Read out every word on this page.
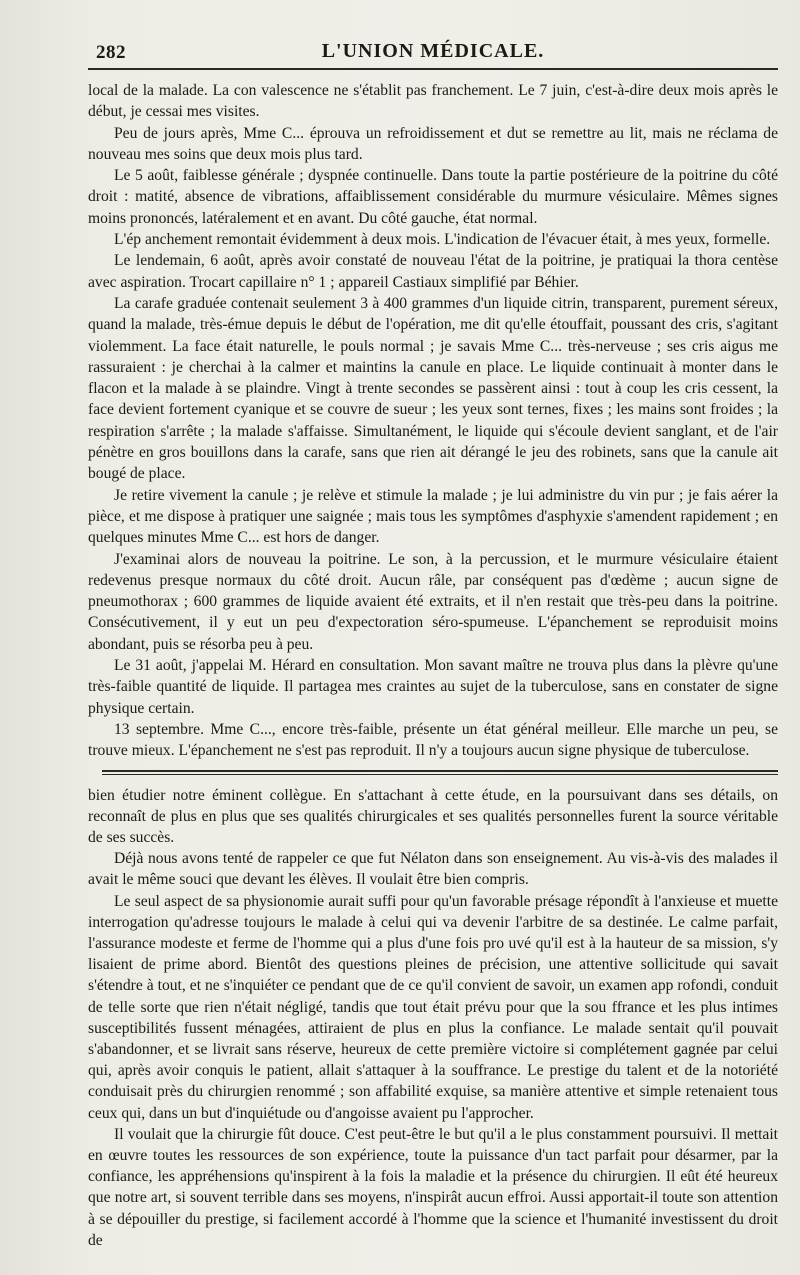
282	L'UNION MÉDICALE.

local de la malade. La con valescence ne s'établit pas franchement. Le 7 juin, c'est-à-dire deux mois après le début, je cessai mes visites.

Peu de jours après, Mme C... éprouva un refroidissement et dut se remettre au lit, mais ne réclama de nouveau mes soins que deux mois plus tard.

Le 5 août, faiblesse générale ; dyspnée continuelle. Dans toute la partie postérieure de la poitrine du côté droit : matité, absence de vibrations, affaiblissement considérable du murmure vésiculaire. Mêmes signes moins prononcés, latéralement et en avant. Du côté gauche, état normal.

L'ép anchement remontait évidemment à deux mois. L'indication de l'évacuer était, à mes yeux, formelle.

Le lendemain, 6 août, après avoir constaté de nouveau l'état de la poitrine, je pratiquai la thora centèse avec aspiration. Trocart capillaire n° 1 ; appareil Castiaux simplifié par Béhier.

La carafe graduée contenait seulement 3 à 400 grammes d'un liquide citrin, transparent, purement séreux, quand la malade, très-émue depuis le début de l'opération, me dit qu'elle étouffait, poussant des cris, s'agitant violemment. La face était naturelle, le pouls normal ; je savais Mme C... très-nerveuse ; ses cris aigus me rassuraient : je cherchai à la calmer et maintins la canule en place. Le liquide continuait à monter dans le flacon et la malade à se plaindre. Vingt à trente secondes se passèrent ainsi : tout à coup les cris cessent, la face devient fortement cyanique et se couvre de sueur ; les yeux sont ternes, fixes ; les mains sont froides ; la respiration s'arrête ; la malade s'affaisse. Simultanément, le liquide qui s'écoule devient sanglant, et de l'air pénètre en gros bouillons dans la carafe, sans que rien ait dérangé le jeu des robinets, sans que la canule ait bougé de place.

Je retire vivement la canule ; je relève et stimule la malade ; je lui administre du vin pur ; je fais aérer la pièce, et me dispose à pratiquer une saignée ; mais tous les symptômes d'asphyxie s'amendent rapidement ; en quelques minutes Mme C... est hors de danger.

J'examinai alors de nouveau la poitrine. Le son, à la percussion, et le murmure vésiculaire étaient redevenus presque normaux du côté droit. Aucun râle, par conséquent pas d'œdème ; aucun signe de pneumothorax ; 600 grammes de liquide avaient été extraits, et il n'en restait que très-peu dans la poitrine. Consécutivement, il y eut un peu d'expectoration séro-spumeuse. L'épanchement se reproduisit moins abondant, puis se résorba peu à peu.

Le 31 août, j'appelai M. Hérard en consultation. Mon savant maître ne trouva plus dans la plèvre qu'une très-faible quantité de liquide. Il partagea mes craintes au sujet de la tuberculose, sans en constater de signe physique certain.

13 septembre. Mme C..., encore très-faible, présente un état général meilleur. Elle marche un peu, se trouve mieux. L'épanchement ne s'est pas reproduit. Il n'y a toujours aucun signe physique de tuberculose.

bien étudier notre éminent collègue. En s'attachant à cette étude, en la poursuivant dans ses détails, on reconnaît de plus en plus que ses qualités chirurgicales et ses qualités personnelles furent la source véritable de ses succès.

Déjà nous avons tenté de rappeler ce que fut Nélaton dans son enseignement. Au vis-à-vis des malades il avait le même souci que devant les élèves. Il voulait être bien compris.

Le seul aspect de sa physionomie aurait suffi pour qu'un favorable présage répondît à l'anxieuse et muette interrogation qu'adresse toujours le malade à celui qui va devenir l'arbitre de sa destinée. Le calme parfait, l'assurance modeste et ferme de l'homme qui a plus d'une fois pro uvé qu'il est à la hauteur de sa mission, s'y lisaient de prime abord. Bientôt des questions pleines de précision, une attentive sollicitude qui savait s'étendre à tout, et ne s'inquiéter ce pendant que de ce qu'il convient de savoir, un examen app rofondi, conduit de telle sorte que rien n'était négligé, tandis que tout était prévu pour que la sou ffrance et les plus intimes susceptibilités fussent ménagées, attiraient de plus en plus la confiance. Le malade sentait qu'il pouvait s'abandonner, et se livrait sans réserve, heureux de cette première victoire si complétement gagnée par celui qui, après avoir conquis le patient, allait s'attaquer à la souffrance. Le prestige du talent et de la notoriété conduisait près du chirurgien renommé ; son affabilité exquise, sa manière attentive et simple retenaient tous ceux qui, dans un but d'inquiétude ou d'angoisse avaient pu l'approcher.

Il voulait que la chirurgie fût douce. C'est peut-être le but qu'il a le plus constamment poursuivi. Il mettait en œuvre toutes les ressources de son expérience, toute la puissance d'un tact parfait pour désarmer, par la confiance, les appréhensions qu'inspirent à la fois la maladie et la présence du chirurgien. Il eût été heureux que notre art, si souvent terrible dans ses moyens, n'inspirât aucun effroi. Aussi apportait-il toute son attention à se dépouiller du prestige, si facilement accordé à l'homme que la science et l'humanité investissent du droit de
